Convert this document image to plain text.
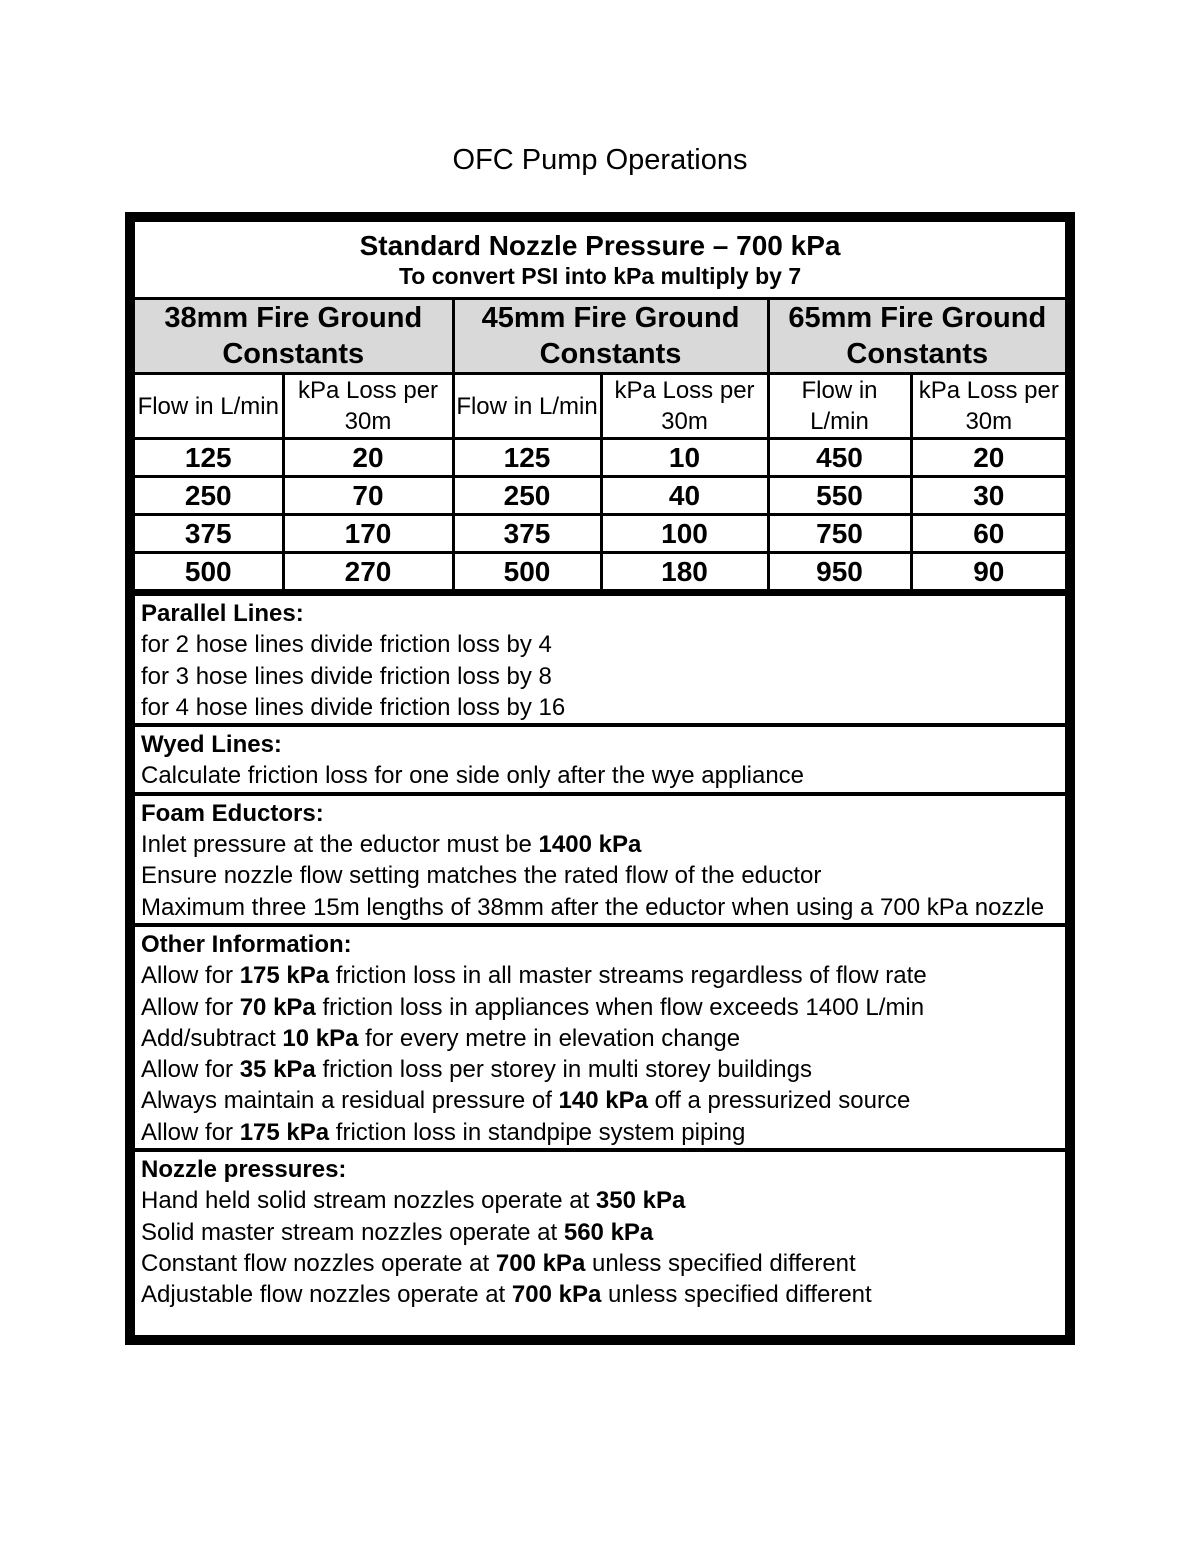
OFC Pump Operations
Standard Nozzle Pressure – 700 kPa
To convert PSI into kPa multiply by 7					

38mm Fire Ground Constants		45mm Fire Ground Constants		65mm Fire Ground Constants	
Flow in L/min	kPa Loss per 30m	Flow in L/min	kPa Loss per 30m	Flow in L/min	kPa Loss per 30m
125	20	125	10	450	20
250	70	250	40	550	30
375	170	375	100	750	60
500	270	500	180	950	90
Parallel Lines:
for 2 hose lines divide friction loss by 4
for 3 hose lines divide friction loss by 8
for 4 hose lines divide friction loss by 16
Wyed Lines:
Calculate friction loss for one side only after the wye appliance
Foam Eductors:
Inlet pressure at the eductor must be 1400 kPa
Ensure nozzle flow setting matches the rated flow of the eductor
Maximum three 15m lengths of 38mm after the eductor when using a 700 kPa nozzle
Other Information:
Allow for 175 kPa friction loss in all master streams regardless of flow rate
Allow for 70 kPa friction loss in appliances when flow exceeds 1400 L/min
Add/subtract 10 kPa for every metre in elevation change
Allow for 35 kPa friction loss per storey in multi storey buildings
Always maintain a residual pressure of 140 kPa off a pressurized source
Allow for 175 kPa friction loss in standpipe system piping
Nozzle pressures:
Hand held solid stream nozzles operate at 350 kPa
Solid master stream nozzles operate at 560 kPa
Constant flow nozzles operate at 700 kPa unless specified different
Adjustable flow nozzles operate at 700 kPa unless specified different
